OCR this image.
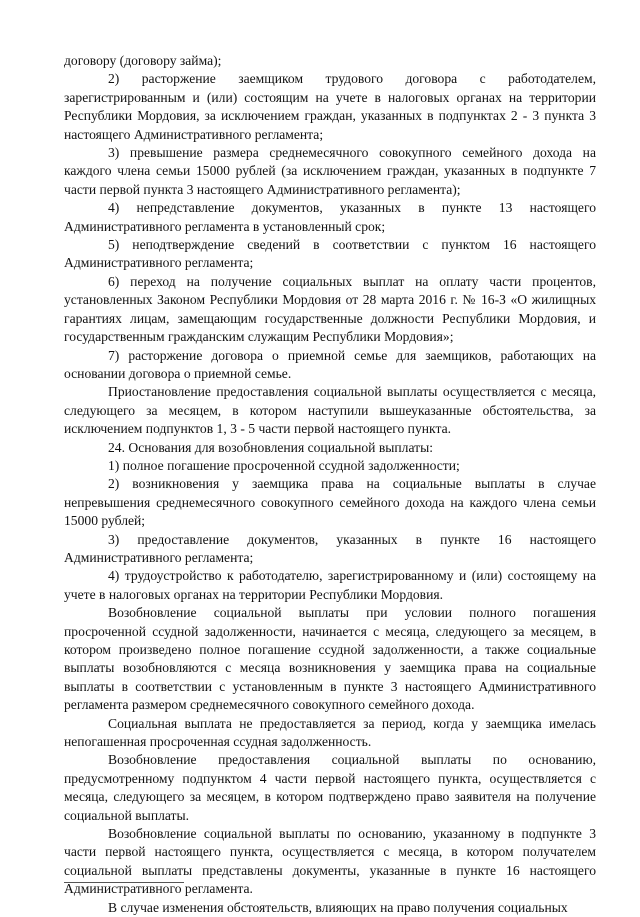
договору (договору займа);

2) расторжение заемщиком трудового договора с работодателем, зарегистрированным и (или) состоящим на учете в налоговых органах на территории Республики Мордовия, за исключением граждан, указанных в подпунктах 2 - 3 пункта 3 настоящего Административного регламента;

3) превышение размера среднемесячного совокупного семейного дохода на каждого члена семьи 15000 рублей (за исключением граждан, указанных в подпункте 7 части первой пункта 3 настоящего Административного регламента);

4) непредставление документов, указанных в пункте 13 настоящего Административного регламента в установленный срок;

5) неподтверждение сведений в соответствии с пунктом 16 настоящего Административного регламента;

6) переход на получение социальных выплат на оплату части процентов, установленных Законом Республики Мордовия от 28 марта 2016 г. № 16-З «О жилищных гарантиях лицам, замещающим государственные должности Республики Мордовия, и государственным гражданским служащим Республики Мордовия»;

7) расторжение договора о приемной семье для заемщиков, работающих на основании договора о приемной семье.

Приостановление предоставления социальной выплаты осуществляется с месяца, следующего за месяцем, в котором наступили вышеуказанные обстоятельства, за исключением подпунктов 1, 3 - 5 части первой настоящего пункта.

24. Основания для возобновления социальной выплаты:

1) полное погашение просроченной ссудной задолженности;

2) возникновения у заемщика права на социальные выплаты в случае непревышения среднемесячного совокупного семейного дохода на каждого члена семьи 15000 рублей;

3) предоставление документов, указанных в пункте 16 настоящего Административного регламента;

4) трудоустройство к работодателю, зарегистрированному и (или) состоящему на учете в налоговых органах на территории Республики Мордовия.

Возобновление социальной выплаты при условии полного погашения просроченной ссудной задолженности, начинается с месяца, следующего за месяцем, в котором произведено полное погашение ссудной задолженности, а также социальные выплаты возобновляются с месяца возникновения у заемщика права на социальные выплаты в соответствии с установленным в пункте 3 настоящего Административного регламента размером среднемесячного совокупного семейного дохода.

Социальная выплата не предоставляется за период, когда у заемщика имелась непогашенная просроченная ссудная задолженность.

Возобновление предоставления социальной выплаты по основанию, предусмотренному подпунктом 4 части первой настоящего пункта, осуществляется с месяца, следующего за месяцем, в котором подтверждено право заявителя на получение социальной выплаты.

Возобновление социальной выплаты по основанию, указанному в подпункте 3 части первой настоящего пункта, осуществляется с месяца, в котором получателем социальной выплаты представлены документы, указанные в пункте 16 настоящего Административного регламента.

В случае изменения обстоятельств, влияющих на право получения социальных
